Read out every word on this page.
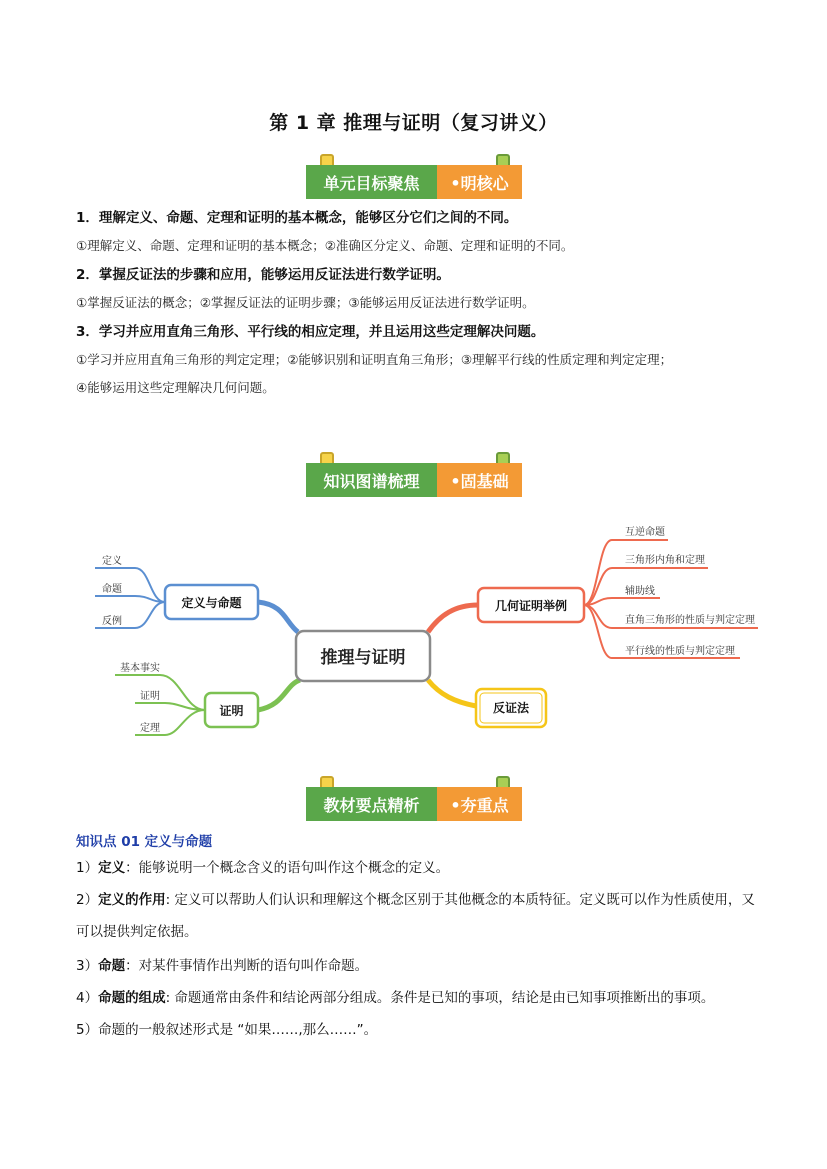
第 1 章 推理与证明（复习讲义）
单元目标聚焦	•明核心
1．理解定义、命题、定理和证明的基本概念，能够区分它们之间的不同。
①理解定义、命题、定理和证明的基本概念；②准确区分定义、命题、定理和证明的不同。
2．掌握反证法的步骤和应用，能够运用反证法进行数学证明。
①掌握反证法的概念；②掌握反证法的证明步骤；③能够运用反证法进行数学证明。
3．学习并应用直角三角形、平行线的相应定理，并且运用这些定理解决问题。
①学习并应用直角三角形的判定定理；②能够识别和证明直角三角形；③理解平行线的性质定理和判定定理；
④能够运用这些定理解决几何问题。
知识图谱梳理	•固基础
定义
命题
反例
定义与命题
基本事实
证明
定理
证明
推理与证明
互逆命题
三角形内角和定理
辅助线
直角三角形的性质与判定定理
平行线的性质与判定定理
几何证明举例
反证法
教材要点精析	•夯重点
知识点 01 定义与命题
1）定义：能够说明一个概念含义的语句叫作这个概念的定义。
2）定义的作用: 定义可以帮助人们认识和理解这个概念区别于其他概念的本质特征。定义既可以作为性质使用，又可以提供判定依据。
3）命题：对某件事情作出判断的语句叫作命题。
4）命题的组成: 命题通常由条件和结论两部分组成。条件是已知的事项，结论是由已知事项推断出的事项。
5）命题的一般叙述形式是 “如果……,那么……”。
